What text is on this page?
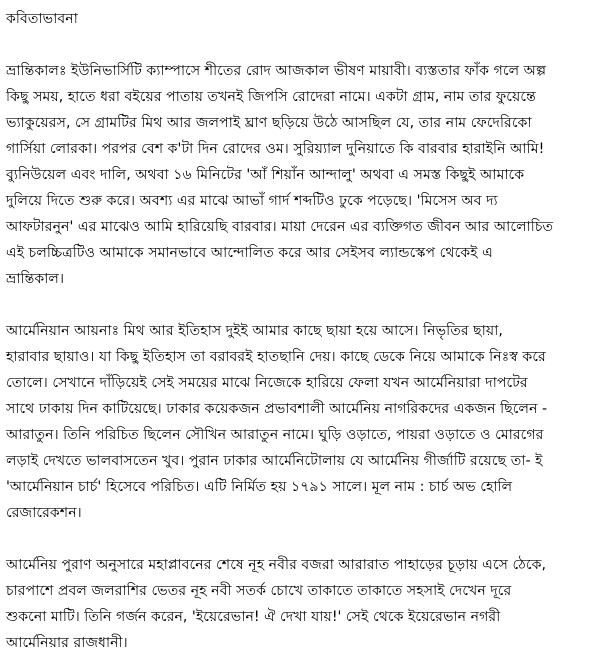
কবিতাভাবনা

ভ্রান্তিকালঃ ইউনিভার্সিটি ক্যাম্পাসে শীতের রোদ আজকাল ভীষণ মায়াবী। ব্যস্ততার ফাঁক গলে অল্প
কিছু সময়, হাতে ধরা বইয়ের পাতায় তখনই জিপসি রোদেরা নামে। একটা গ্রাম, নাম তার ফুয়েন্তে
ভ্যাকুয়েরস, সে গ্রামটির মিথ আর জলপাই ঘ্রাণ ছড়িয়ে উঠে আসছিল যে, তার নাম ফেদেরিকো
গার্সিয়া লোরকা। পরপর বেশ ক'টা দিন রোদের ওম। সুরিয়্যাল দুনিয়াতে কি বারবার হারাইনি আমি!
ব্যুনিউয়েল এবং দালি, অথবা ১৬ মিনিটের 'আঁ শিয়াঁন আন্দালু' অথবা এ সমস্ত কিছুই আমাকে
দুলিয়ে দিতে শুরু করে। অবশ্য এর মাঝে আভাঁ গার্দ শব্দটিও ঢুকে পড়েছে। 'মিসেস অব দ্য
আফটারনুন' এর মাঝেও আমি হারিয়েছি বারবার। মায়া দেরেন এর ব্যক্তিগত জীবন আর আলোচিত
এই চলচ্চিত্রটিও আমাকে সমানভাবে আন্দোলিত করে আর সেইসব ল্যান্ডস্কেপ থেকেই এ
ভ্রান্তিকাল।

আর্মেনিয়ান আয়নাঃ মিথ আর ইতিহাস দুইই আমার কাছে ছায়া হয়ে আসে। নিভৃতির ছায়া,
হারাবার ছায়াও। যা কিছু ইতিহাস তা বরাবরই হাতছানি দেয়। কাছে ডেকে নিয়ে আমাকে নিঃস্ব করে
তোলে। সেখানে দাঁড়িয়েই সেই সময়ের মাঝে নিজেকে হারিয়ে ফেলা যখন আর্মেনিয়ারা দাপটের
সাথে ঢাকায় দিন কাটিয়েছে। ঢাকার কয়েকজন প্রভাবশালী আর্মেনিয় নাগরিকদের একজন ছিলেন -
আরাতুন। তিনি পরিচিত ছিলেন সৌখিন আরাতুন নামে। ঘুড়ি ওড়াতে, পায়রা ওড়াতে ও মোরগের
লড়াই দেখতে ভালবাসতেন খুব। পুরান ঢাকার আর্মেনিটোলায় যে আর্মেনিয় গীর্জাটি রয়েছে তা- ই
'আর্মেনিয়ান চার্চ' হিসেবে পরিচিত। এটি নির্মিত হয় ১৭৯১ সালে। মূল নাম : চার্চ অভ হোলি
রেজারেকশন।

আর্মেনিয় পুরাণ অনুসারে মহাপ্লাবনের শেষে নূহ নবীর বজরা আরারাত পাহাড়ের চূড়ায় এসে ঠেকে,
চারপাশে প্রবল জলরাশির ভেতর নূহ নবী সতর্ক চোখে তাকাতে তাকাতে সহসাই দেখেন দূরে
শুকনো মাটি। তিনি গর্জন করেন, 'ইয়েরেভান! ঐ দেখা যায়!' সেই থেকে ইয়েরেভান নগরী
আর্মেনিয়ার রাজধানী।
